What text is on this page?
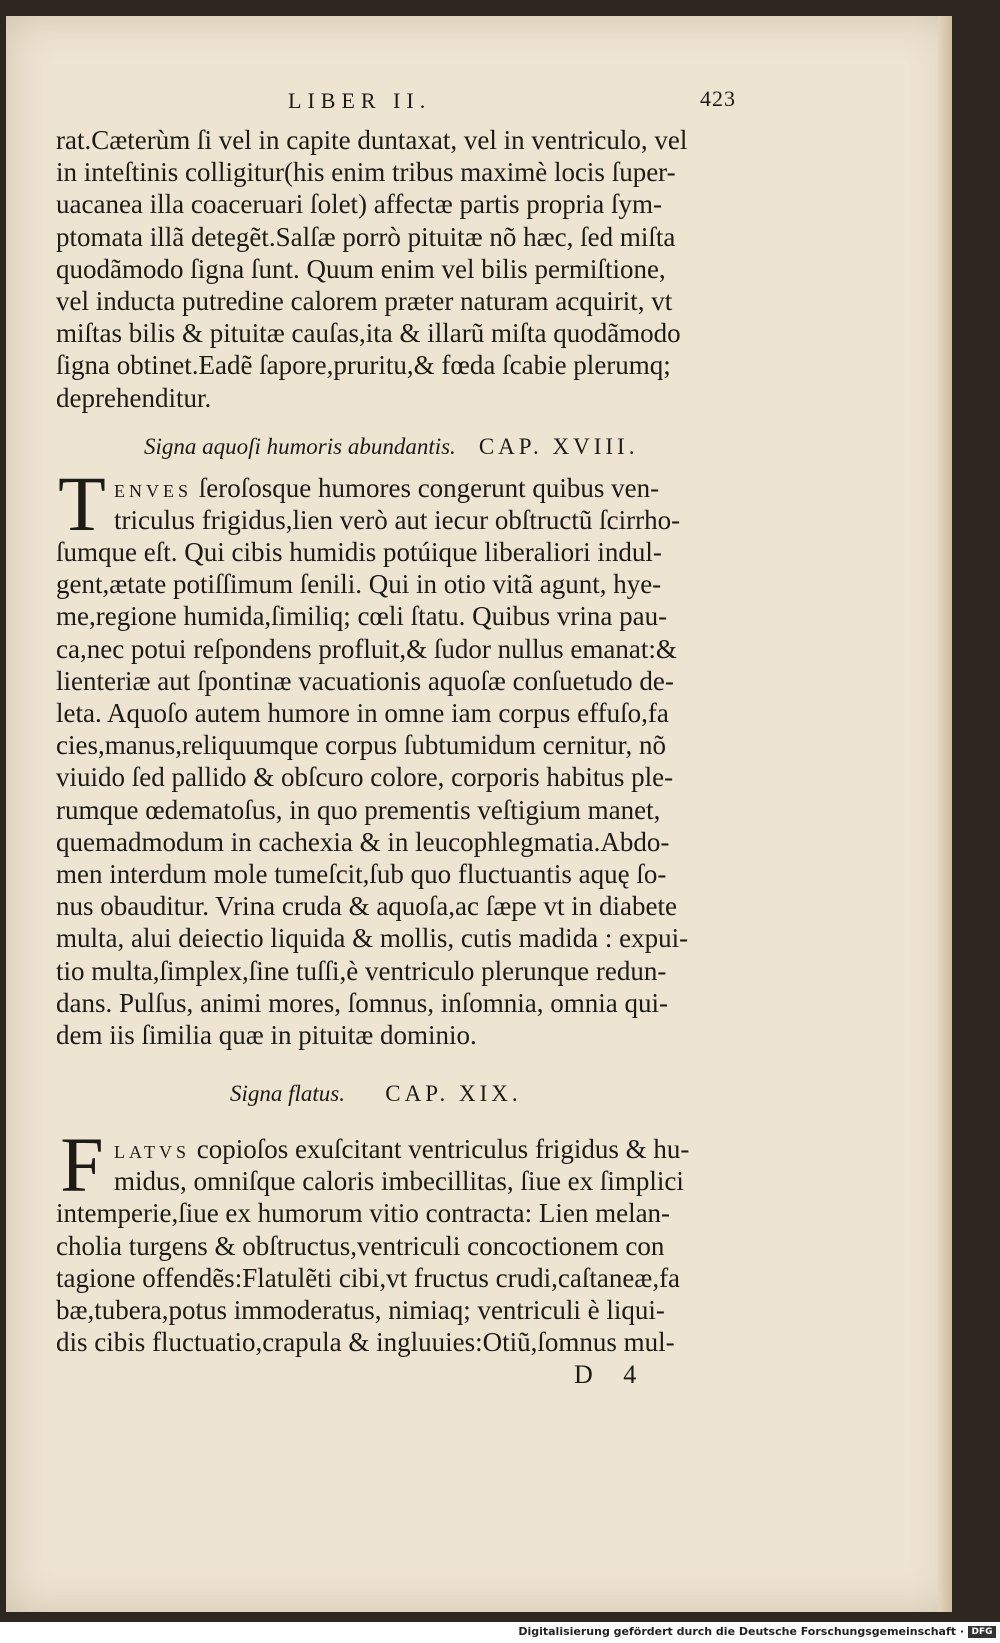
LIBER II.	423
rat.Cæterùm ſi vel in capite duntaxat, vel in ventriculo, vel
in inteſtinis colligitur(his enim tribus maximè locis ſuper-
uacanea illa coaceruari ſolet) affectæ partis propria ſym-
ptomata illã detegẽt.Salſæ porrò pituitæ nõ hæc, ſed miſta
quodãmodo ſigna ſunt. Quum enim vel bilis permiſtione,
vel inducta putredine calorem præter naturam acquirit, vt
miſtas bilis & pituitæ cauſas,ita & illarũ miſta quodãmodo
ſigna obtinet.Eadẽ ſapore,pruritu,& fœda ſcabie plerumq;
deprehenditur.
Signa aquoſi humoris abundantis. CAP. XVIII.
T ENVES ſeroſosque humores congerunt quibus ven-
triculus frigidus,lien verò aut iecur obſtructũ ſcirrho-
ſumque eſt. Qui cibis humidis potúique liberaliori indul-
gent,ætate potiſſimum ſenili. Qui in otio vitã agunt, hye-
me,regione humida,ſimiliq; cœli ſtatu. Quibus vrina pau-
ca,nec potui reſpondens profluit,& ſudor nullus emanat:&
lienteriæ aut ſpontinæ vacuationis aquoſæ conſuetudo de-
leta. Aquoſo autem humore in omne iam corpus effuſo,fa
cies,manus,reliquumque corpus ſubtumidum cernitur, nõ
viuido ſed pallido & obſcuro colore, corporis habitus ple-
rumque œdematoſus, in quo prementis veſtigium manet,
quemadmodum in cachexia & in leucophlegmatia.Abdo-
men interdum mole tumeſcit,ſub quo fluctuantis aquę ſo-
nus obauditur. Vrina cruda & aquoſa,ac ſæpe vt in diabete
multa, alui deiectio liquida & mollis, cutis madida : expui-
tio multa,ſimplex,ſine tuſſi,è ventriculo plerunque redun-
dans. Pulſus, animi mores, ſomnus, inſomnia, omnia qui-
dem iis ſimilia quæ in pituitæ dominio.
Signa flatus. CAP. XIX.
F LATVS copioſos exuſcitant ventriculus frigidus & hu-
midus, omniſque caloris imbecillitas, ſiue ex ſimplici
intemperie,ſiue ex humorum vitio contracta: Lien melan-
cholia turgens & obſtructus,ventriculi concoctionem con
tagione offendẽs:Flatulẽti cibi,vt fructus crudi,caſtaneæ,fa
bæ,tubera,potus immoderatus, nimiaq; ventriculi è liqui-
dis cibis fluctuatio,crapula & ingluuies:Otiũ,ſomnus mul-
D 4
Digitalisierung gefördert durch die Deutsche Forschungsgemeinschaft · DFG
